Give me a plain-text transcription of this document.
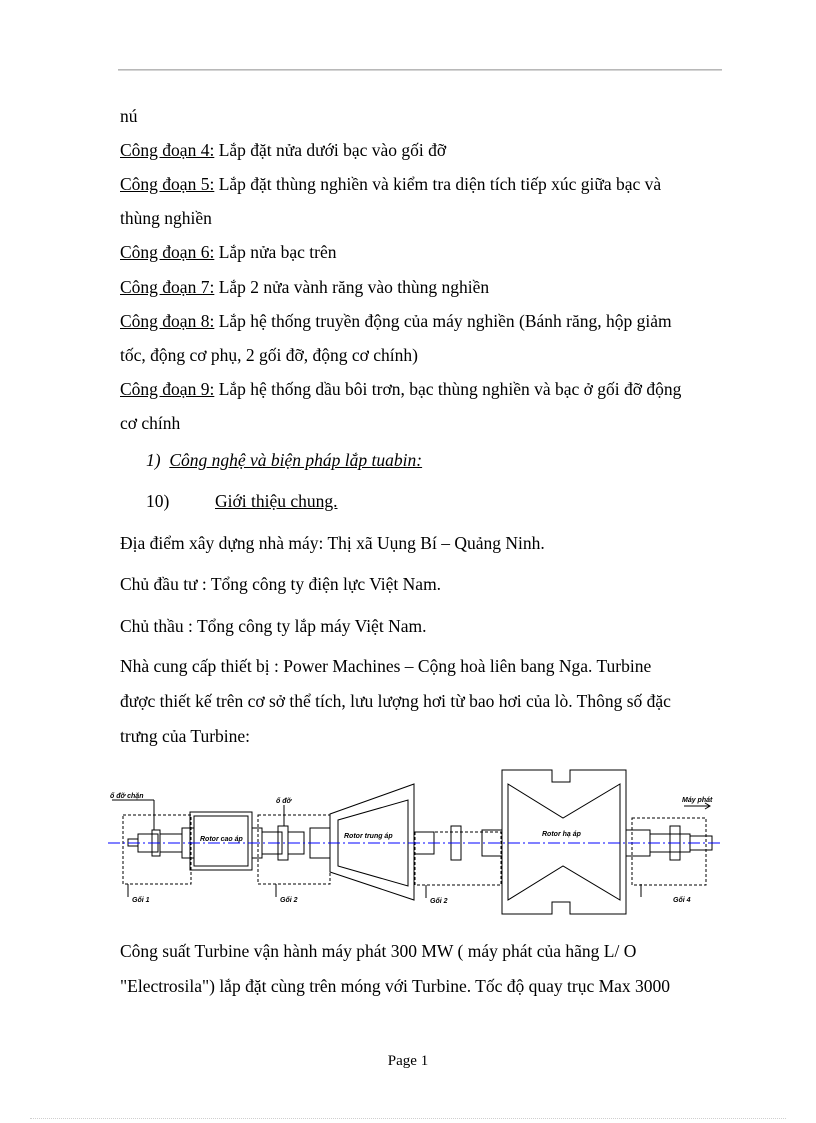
nú
Công đoạn 4: Lắp đặt nửa dưới bạc vào gối đỡ
Công đoạn 5: Lắp đặt thùng nghiền và kiểm tra diện tích tiếp xúc giữa bạc và
thùng nghiền
Công đoạn 6: Lắp nửa bạc trên
Công đoạn 7: Lắp 2 nửa vành răng vào thùng nghiền
Công đoạn 8: Lắp hệ thống truyền động của máy nghiền (Bánh răng, hộp giảm
tốc, động cơ phụ, 2 gối đỡ, động cơ chính)
Công đoạn 9: Lắp hệ thống dầu bôi trơn, bạc thùng nghiền và bạc ở gối đỡ động
cơ chính
1) Công nghệ và biện pháp lắp tuabin:
10)	Giới thiệu chung.
Địa điểm xây dựng nhà máy: Thị xã Uụng Bí – Quảng Ninh.
Chủ đầu tư : Tổng công ty điện lực Việt Nam.
Chủ thầu : Tổng công ty lắp máy Việt Nam.
Nhà cung cấp thiết bị : Power Machines – Cộng hoà liên bang Nga. Turbine
được thiết kế trên cơ sở thể tích, lưu lượng hơi từ bao hơi của lò. Thông số đặc
trưng của Turbine:
ổ đỡ chặn
ổ đỡ	Máy phát
Rotor cao áp	Rotor trung áp	Rotor hạ áp
Gối 1	Gối 2	Gối 2	Gối 4
Công suất Turbine vận hành máy phát 300 MW ( máy phát của hãng L/ O
"Electrosila") lắp đặt cùng trên móng với Turbine. Tốc độ quay trục Max 3000
Page 1
